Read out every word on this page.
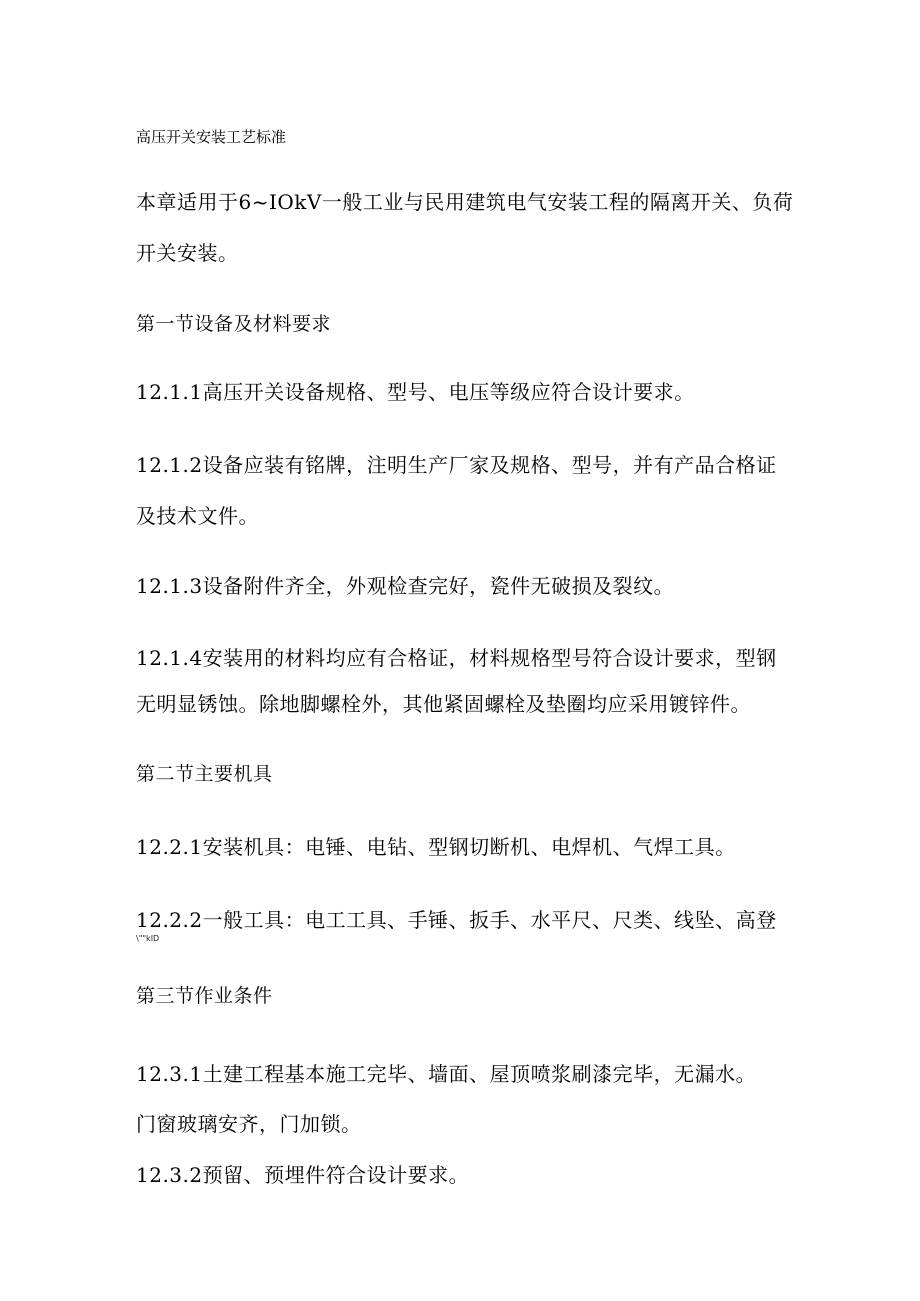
高压开关安装工艺标准
本章适用于6~IOkV一般工业与民用建筑电气安装工程的隔离开关、负荷
开关安装。
第一节设备及材料要求
12.1.1高压开关设备规格、型号、电压等级应符合设计要求。
12.1.2设备应装有铭牌，注明生产厂家及规格、型号，并有产品合格证
及技术文件。
12.1.3设备附件齐全，外观检查完好，瓷件无破损及裂纹。
12.1.4安装用的材料均应有合格证，材料规格型号符合设计要求，型钢
无明显锈蚀。除地脚螺栓外，其他紧固螺栓及垫圈均应采用镀锌件。
第二节主要机具
12.2.1安装机具：电锤、电钻、型钢切断机、电焊机、气焊工具。
12.2.2一般工具：电工工具、手锤、扳手、水平尺、尺类、线坠、高登
\""kID
第三节作业条件
12.3.1土建工程基本施工完毕、墙面、屋顶喷浆刷漆完毕，无漏水。
门窗玻璃安齐，门加锁。
12.3.2预留、预埋件符合设计要求。
